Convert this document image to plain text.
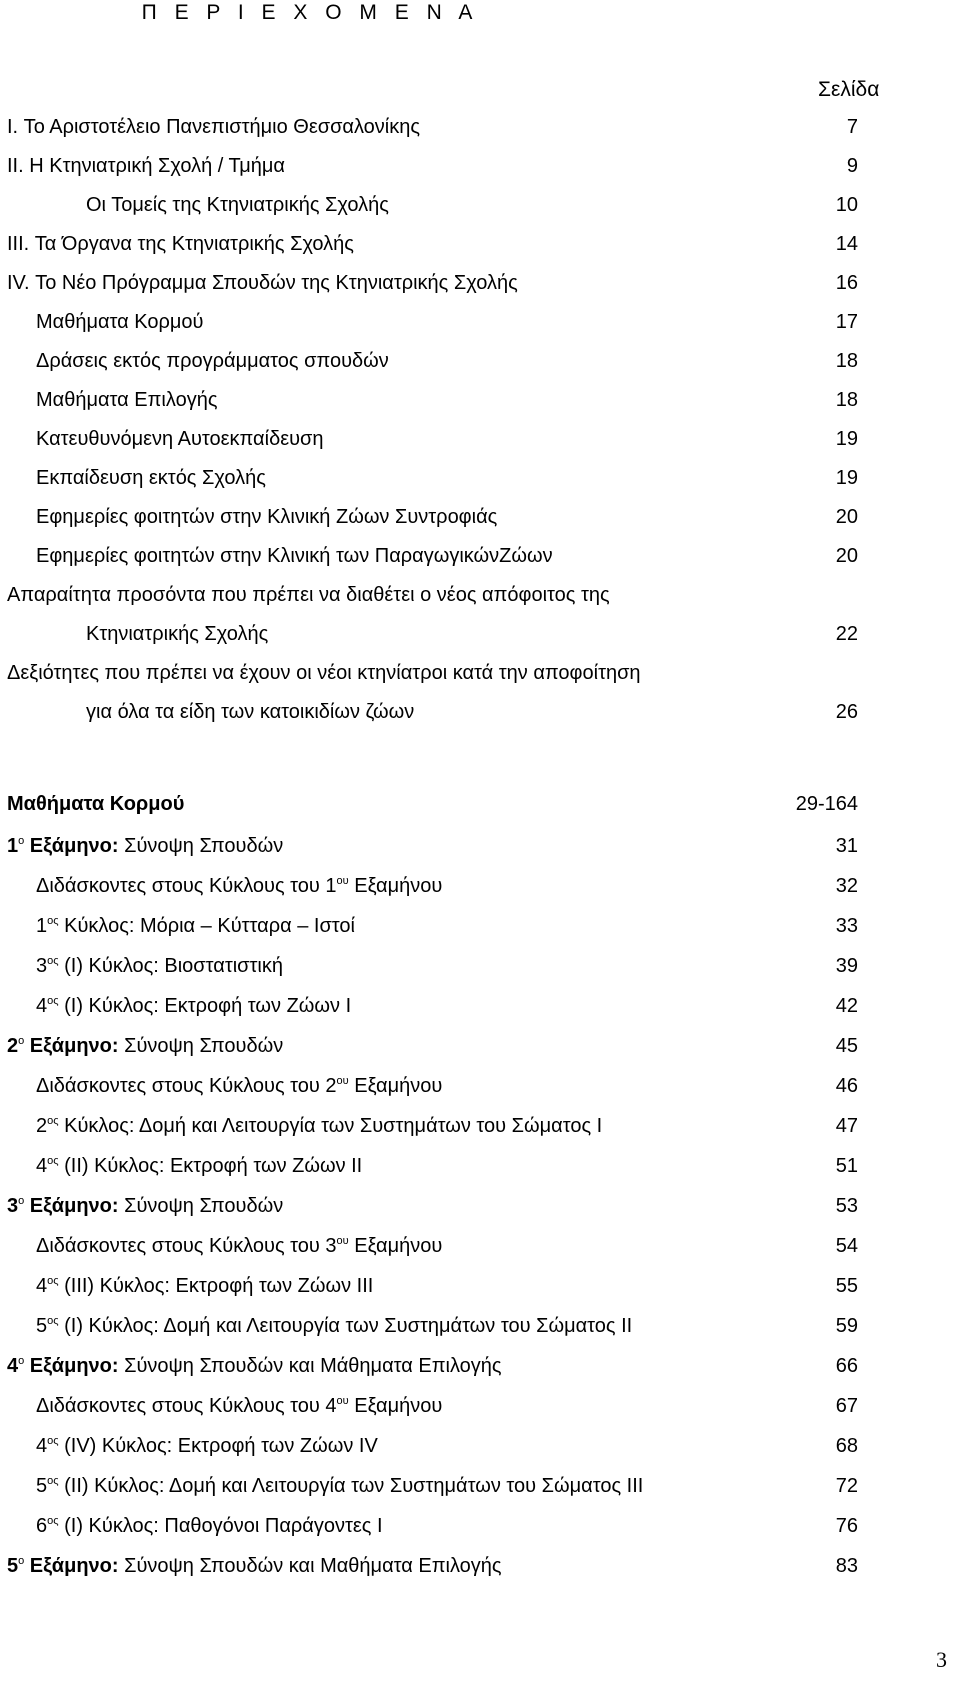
Π Ε Ρ Ι Ε Χ Ο Μ Ε Ν Α
Σελίδα
I. Το Αριστοτέλειο Πανεπιστήμιο Θεσσαλονίκης	7
II. Η Κτηνιατρική Σχολή / Τμήμα	9
Οι Τομείς της Κτηνιατρικής Σχολής	10
III. Τα Όργανα της Κτηνιατρικής Σχολής	14
IV. Το Νέο Πρόγραμμα Σπουδών της Κτηνιατρικής Σχολής	16
Μαθήματα Κορμού	17
Δράσεις εκτός προγράμματος σπουδών	18
Μαθήματα Επιλογής	18
Κατευθυνόμενη Αυτοεκπαίδευση	19
Εκπαίδευση εκτός Σχολής	19
Εφημερίες φοιτητών στην Κλινική Ζώων Συντροφιάς	20
Εφημερίες φοιτητών στην Κλινική των ΠαραγωγικώνΖώων	20
Απαραίτητα προσόντα που πρέπει να διαθέτει ο νέος απόφοιτος της
Κτηνιατρικής Σχολής	22
Δεξιότητες που πρέπει να έχουν οι νέοι κτηνίατροι κατά την αποφοίτηση
για όλα τα είδη των κατοικιδίων ζώων	26
Μαθήματα Κορμού	29-164
$1^o$ Εξάμηνο: Σύνοψη Σπουδών	31
Διδάσκοντες στους Κύκλους του $1^{o\upsilon}$ Εξαμήνου	32
$1^{o\varsigma}$ Κύκλος: Μόρια – Κύτταρα – Ιστοί	33
$3^{o\varsigma}$ (Ι) Κύκλος: Βιοστατιστική	39
$4^{o\varsigma}$ (Ι) Κύκλος: Εκτροφή των Ζώων Ι	42
$2^o$ Εξάμηνο: Σύνοψη Σπουδών	45
Διδάσκοντες στους Κύκλους του $2^{o\upsilon}$ Εξαμήνου	46
$2^{o\varsigma}$ Κύκλος: Δομή και Λειτουργία των Συστημάτων του Σώματος Ι	47
$4^{o\varsigma}$ (ΙΙ) Κύκλος: Εκτροφή των Ζώων ΙΙ	51
$3^o$ Εξάμηνο: Σύνοψη Σπουδών	53
Διδάσκοντες στους Κύκλους του $3^{o\upsilon}$ Εξαμήνου	54
$4^{o\varsigma}$ (ΙΙΙ) Κύκλος: Εκτροφή των Ζώων ΙΙΙ	55
$5^{o\varsigma}$ (Ι) Κύκλος: Δομή και Λειτουργία των Συστημάτων του Σώματος ΙΙ	59
$4^o$ Εξάμηνο: Σύνοψη Σπουδών και Μάθηματα Επιλογής	66
Διδάσκοντες στους Κύκλους του $4^{o\upsilon}$ Εξαμήνου	67
$4^{o\varsigma}$ (IV) Κύκλος: Εκτροφή των Ζώων IV	68
$5^{o\varsigma}$ (ΙΙ) Κύκλος: Δομή και Λειτουργία των Συστημάτων του Σώματος ΙΙΙ	72
$6^{o\varsigma}$ (Ι) Κύκλος: Παθογόνοι Παράγοντες Ι	76
$5^o$ Εξάμηνο: Σύνοψη Σπουδών και Μαθήματα Επιλογής	83
3
